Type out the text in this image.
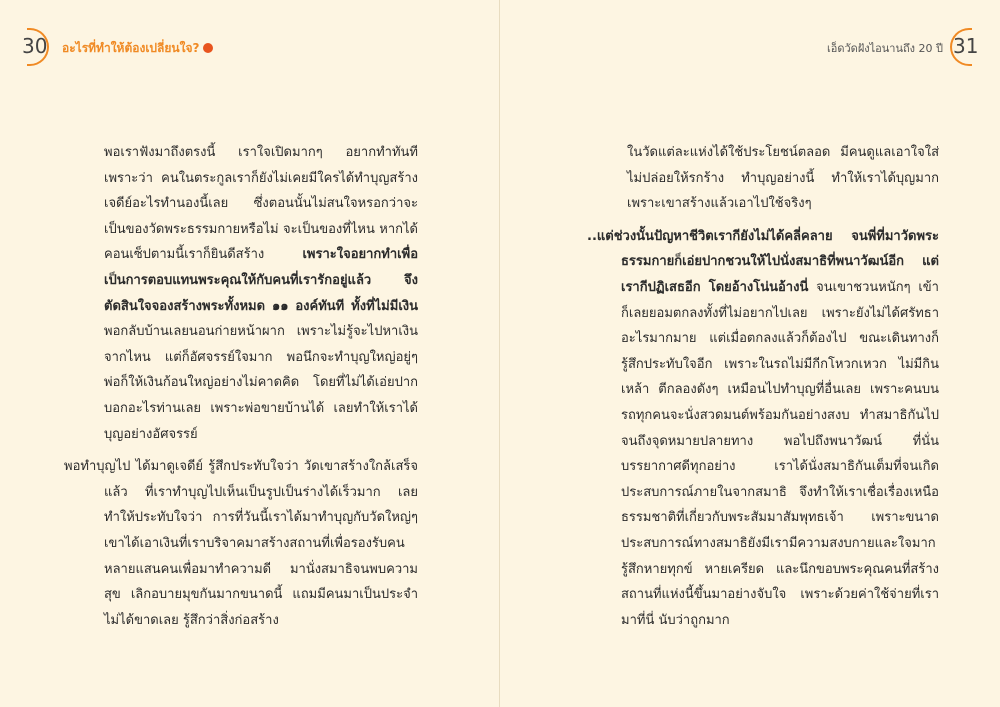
30 อะไรที่ทำให้ต้องเปลี่ยนใจ?	เอ็ดวัดฝังไอนานถึง 20 ปี 31

พอเราฟังมาถึงตรงนี้ เราใจเปิดมากๆ อยากทำทันที เพราะว่า คนในตระกูลเราก็ยังไม่เคยมีใครได้ทำบุญสร้างเจดีย์อะไรทำนองนี้เลย ซึ่งตอนนั้นไม่สนใจหรอกว่าจะเป็นของวัดพระธรรมกายหรือไม่ จะเป็นของที่ไหน หากได้คอนเซ็ปตามนี้เราก็ยินดีสร้าง เพราะใจอยากทำเพื่อเป็นการตอบแทนพระคุณให้กับคนที่เรารักอยู่แล้ว จึงตัดสินใจจองสร้างพระทั้งหมด ๑๑ องค์ทันที ทั้งที่ไม่มีเงิน พอกลับบ้านเลยนอนก่ายหน้าผาก เพราะไม่รู้จะไปหาเงินจากไหน แต่ก็อัศจรรย์ใจมาก พอนึกจะทำบุญใหญ่อยู่ๆ พ่อก็ให้เงินก้อนใหญ่อย่างไม่คาดคิด โดยที่ไม่ได้เอ่ยปากบอกอะไรท่านเลย เพราะพ่อขายบ้านได้ เลยทำให้เราได้บุญอย่างอัศจรรย์

พอทำบุญไป ได้มาดูเจดีย์ รู้สึกประทับใจว่า วัดเขาสร้างใกล้เสร็จแล้ว ที่เราทำบุญไปเห็นเป็นรูปเป็นร่างได้เร็วมาก เลยทำให้ประทับใจว่า การที่วันนี้เราได้มาทำบุญกับวัดใหญ่ๆ เขาได้เอาเงินที่เราบริจาคมาสร้างสถานที่เพื่อรองรับคนหลายแสนคนเพื่อมาทำความดี มานั่งสมาธิจนพบความสุข เลิกอบายมุขกันมากขนาดนี้ แถมมีคนมาเป็นประจำไม่ได้ขาดเลย รู้สึกว่าสิ่งก่อสร้าง

ในวัดแต่ละแห่งได้ใช้ประโยชน์ตลอด มีคนดูแลเอาใจใส่ ไม่ปล่อยให้รกร้าง ทำบุญอย่างนี้ ทำให้เราได้บุญมาก เพราะเขาสร้างแล้วเอาไปใช้จริงๆ

..แต่ช่วงนั้นปัญหาชีวิตเรากียังไม่ได้คลี่คลาย จนพี่ที่มาวัดพระธรรมกายก็เอ่ยปากชวนให้ไปนั่งสมาธิที่พนาวัฒน์อีก แต่เรากีปฏิเสธอีก โดยอ้างโน่นอ้างนี่ จนเขาชวนหนักๆ เข้า ก็เลยยอมตกลงทั้งที่ไม่อยากไปเลย เพราะยังไม่ได้ศรัทธาอะไรมากมาย แต่เมื่อตกลงแล้วก็ต้องไป ขณะเดินทางก็รู้สึกประทับใจอีก เพราะในรถไม่มีกีกโหวกเหวก ไม่มีกินเหล้า ตีกลองดังๆ เหมือนไปทำบุญที่อื่นเลย เพราะคนบนรถทุกคนจะนั่งสวดมนต์พร้อมกันอย่างสงบ ทำสมาธิกันไปจนถึงจุดหมายปลายทาง พอไปถึงพนาวัฒน์ ที่นั่นบรรยากาศดีทุกอย่าง เราได้นั่งสมาธิกันเต็มที่จนเกิดประสบการณ์ภายในจากสมาธิ จึงทำให้เราเชื่อเรื่องเหนือธรรมชาติที่เกี่ยวกับพระสัมมาสัมพุทธเจ้า เพราะขนาดประสบการณ์ทางสมาธิยังมีเรามีความสงบกายและใจมาก รู้สึกหายทุกข์ หายเครียด และนึกขอบพระคุณคนที่สร้างสถานที่แห่งนี้ขึ้นมาอย่างจับใจ เพราะด้วยค่าใช้จ่ายที่เรามาที่นี่ นับว่าถูกมาก
